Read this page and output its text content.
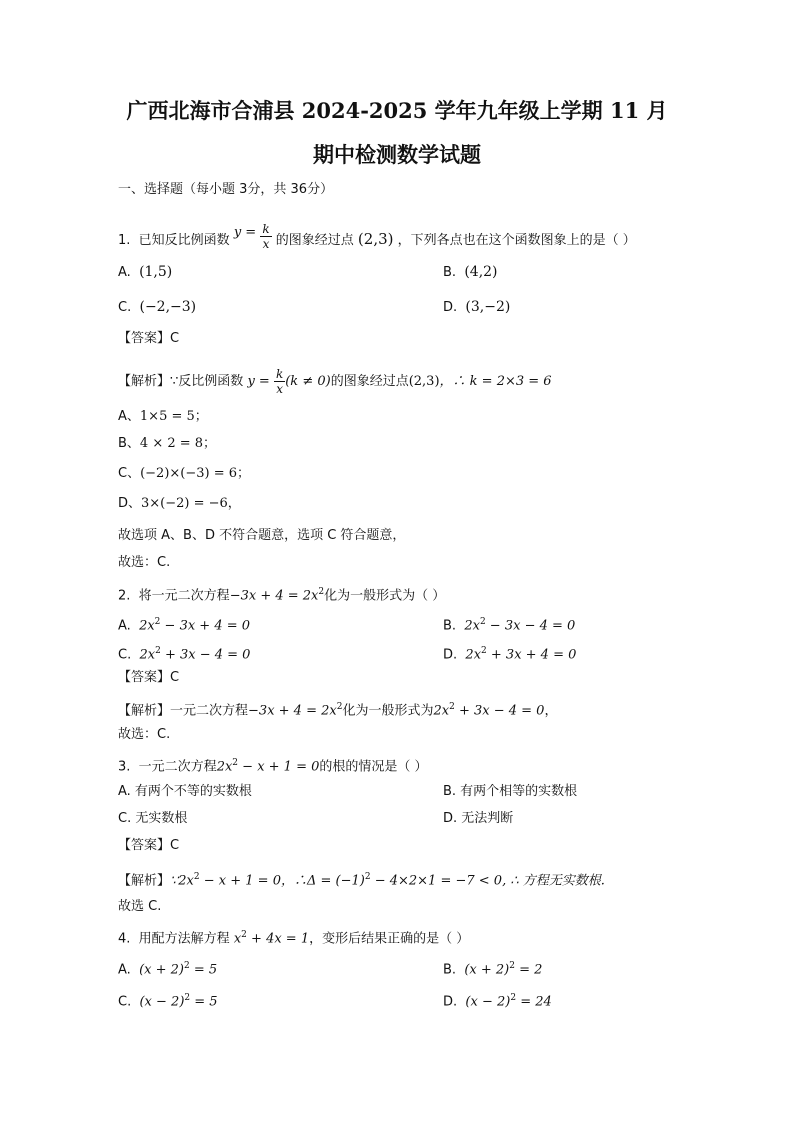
广西北海市合浦县 2024-2025 学年九年级上学期 11 月
期中检测数学试题
一、选择题（每小题 3分，共 36分）
1. 已知反比例函数 $y = \frac{k}{x}$ 的图象经过点 (2,3) ，下列各点也在这个函数图象上的是（ ）
A. (1,5)	B. (4,2)
C. (−2,−3)	D. (3,−2)
【答案】C
【解析】∵反比例函数 $y = \frac{k}{x} (k \ne 0)$的图象经过点(2,3)，∴ k = 2×3 = 6
A、1×5 = 5；
B、4 × 2 = 8；
C、(−2)×(−3) = 6；
D、3×(−2) = −6，
故选项 A、B、D 不符合题意，选项 C 符合题意，
故选：C.
2. 将一元二次方程$-3x + 4 = 2x^2$化为一般形式为（ ）
A. $2x^2 - 3x + 4 = 0$	B. $2x^2 - 3x - 4 = 0$
C. $2x^2 + 3x - 4 = 0$	D. $2x^2 + 3x + 4 = 0$
【答案】C
【解析】一元二次方程$-3x + 4 = 2x^2$化为一般形式为$2x^2 + 3x - 4 = 0$，
故选：C.
3. 一元二次方程$2x^2 - x + 1 = 0$的根的情况是（ ）
A. 有两个不等的实数根	B. 有两个相等的实数根
C. 无实数根	D. 无法判断
【答案】C
【解析】$\because 2x^2 - x + 1 = 0$，∴Δ = $(-1)^2 - 4\times 2\times 1 = -7 < 0$, ∴ 方程无实数根.
故选 C.
4. 用配方法解方程 $x^2 + 4x = 1$，变形后结果正确的是（ ）
A. $(x + 2)^2 = 5$	B. $(x + 2)^2 = 2$
C. $(x - 2)^2 = 5$	D. $(x - 2)^2 = 24$
